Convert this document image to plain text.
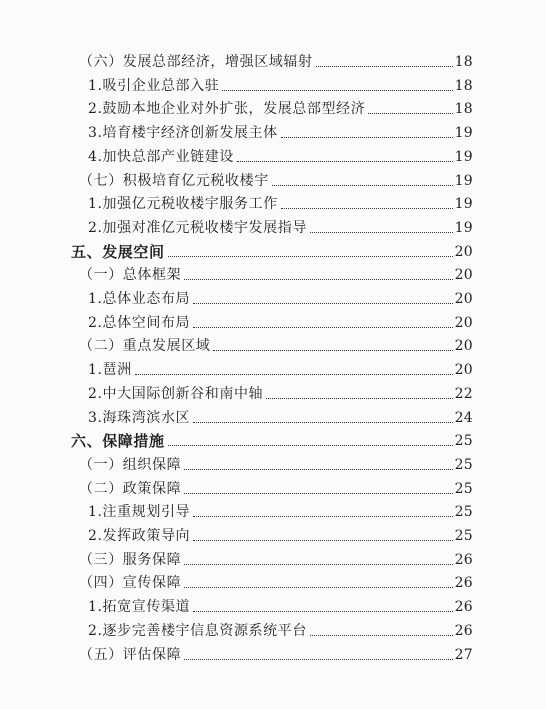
（六）发展总部经济，增强区域辐射	18
1.吸引企业总部入驻	18
2.鼓励本地企业对外扩张，发展总部型经济	18
3.培育楼宇经济创新发展主体	19
4.加快总部产业链建设	19
（七）积极培育亿元税收楼宇	19
1.加强亿元税收楼宇服务工作	19
2.加强对准亿元税收楼宇发展指导	19
五、发展空间	20
（一）总体框架	20
1.总体业态布局	20
2.总体空间布局	20
（二）重点发展区域	20
1.琶洲	20
2.中大国际创新谷和南中轴	22
3.海珠湾滨水区	24
六、保障措施	25
（一）组织保障	25
（二）政策保障	25
1.注重规划引导	25
2.发挥政策导向	25
（三）服务保障	26
（四）宣传保障	26
1.拓宽宣传渠道	26
2.逐步完善楼宇信息资源系统平台	26
（五）评估保障	27
